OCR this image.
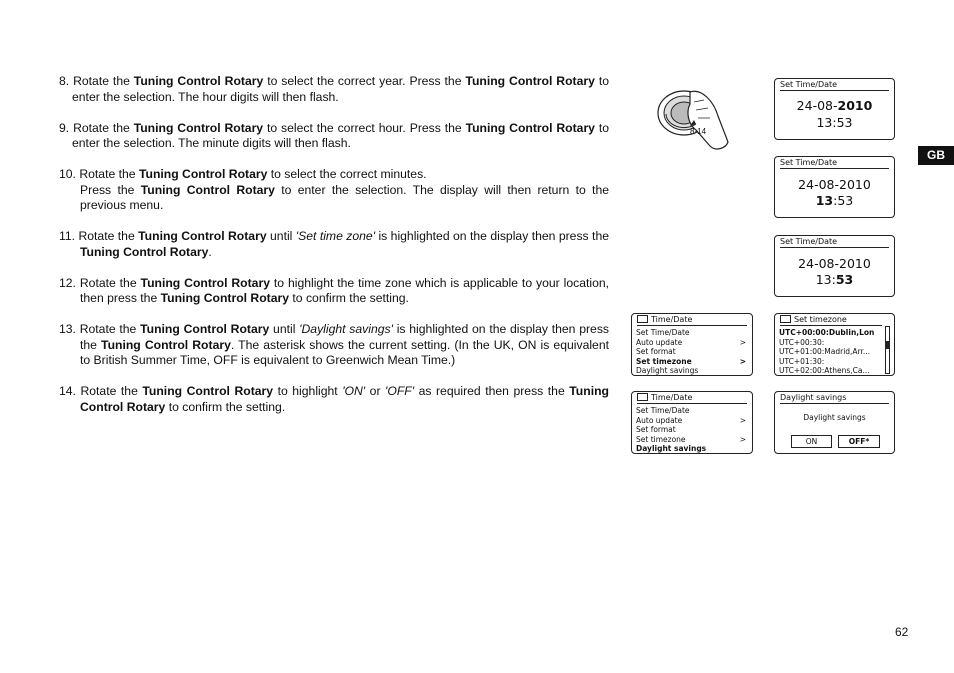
8. Rotate the Tuning Control Rotary to select the correct year. Press the Tuning Control Rotary to enter the selection. The hour digits will then flash.
9. Rotate the Tuning Control Rotary to select the correct hour. Press the Tuning Control Rotary to enter the selection. The minute digits will then flash.
10. Rotate the Tuning Control Rotary to select the correct minutes.
Press the Tuning Control Rotary to enter the selection. The display will then return to the previous menu.
11. Rotate the Tuning Control Rotary until 'Set time zone' is highlighted on the display then press the Tuning Control Rotary.
12. Rotate the Tuning Control Rotary to highlight the time zone which is applicable to your location, then press the Tuning Control Rotary to confirm the setting.
13. Rotate the Tuning Control Rotary until 'Daylight savings' is highlighted on the display then press the Tuning Control Rotary. The asterisk shows the current setting. (In the UK, ON is equivalent to British Summer Time, OFF is equivalent to Greenwich Mean Time.)
14. Rotate the Tuning Control Rotary to highlight 'ON' or 'OFF' as required then press the Tuning Control Rotary to confirm the setting.
8-14
Set Time/Date
24-08-2010
13:53
Set Time/Date
24-08-2010
13:53
Set Time/Date
24-08-2010
13:53
Time/Date
Set Time/Date
Auto update	>
Set format
Set timezone	>
Daylight savings
Set timezone
UTC+00:00:Dublin,Lon
UTC+00:30:
UTC+01:00:Madrid,Arr...
UTC+01:30:
UTC+02:00:Athens,Ca...
Time/Date
Set Time/Date
Auto update	>
Set format
Set timezone	>
Daylight savings
Daylight savings
Daylight savings
ON	OFF*
GB
62
